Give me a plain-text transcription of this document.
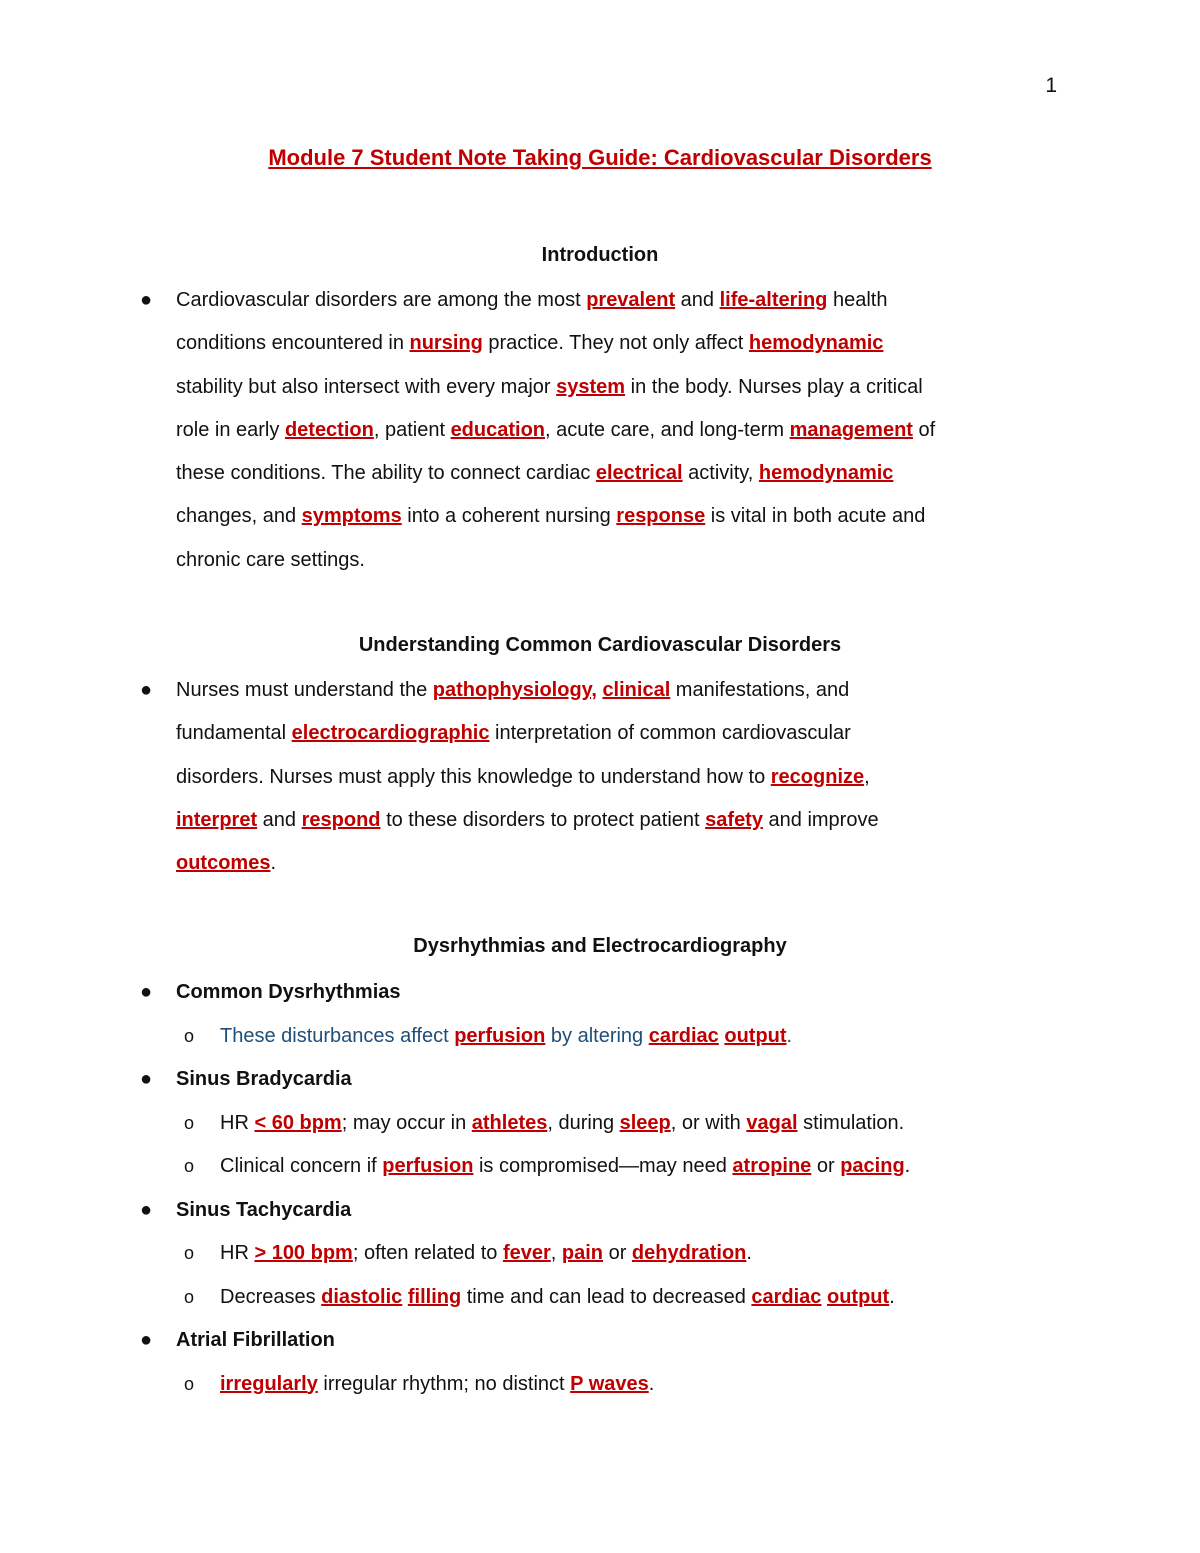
1
Module 7 Student Note Taking Guide: Cardiovascular Disorders
Introduction
● Cardiovascular disorders are among the most prevalent and life-altering health
conditions encountered in nursing practice. They not only affect hemodynamic
stability but also intersect with every major system in the body. Nurses play a critical
role in early detection, patient education, acute care, and long-term management of
these conditions. The ability to connect cardiac electrical activity, hemodynamic
changes, and symptoms into a coherent nursing response is vital in both acute and
chronic care settings.
Understanding Common Cardiovascular Disorders
● Nurses must understand the pathophysiology, clinical manifestations, and
fundamental electrocardiographic interpretation of common cardiovascular
disorders. Nurses must apply this knowledge to understand how to recognize,
interpret and respond to these disorders to protect patient safety and improve
outcomes.
Dysrhythmias and Electrocardiography
● Common Dysrhythmias
o These disturbances affect perfusion by altering cardiac output.
● Sinus Bradycardia
o HR < 60 bpm; may occur in athletes, during sleep, or with vagal stimulation.
o Clinical concern if perfusion is compromised—may need atropine or pacing.
● Sinus Tachycardia
o HR > 100 bpm; often related to fever, pain or dehydration.
o Decreases diastolic filling time and can lead to decreased cardiac output.
● Atrial Fibrillation
o irregularly irregular rhythm; no distinct P waves.
